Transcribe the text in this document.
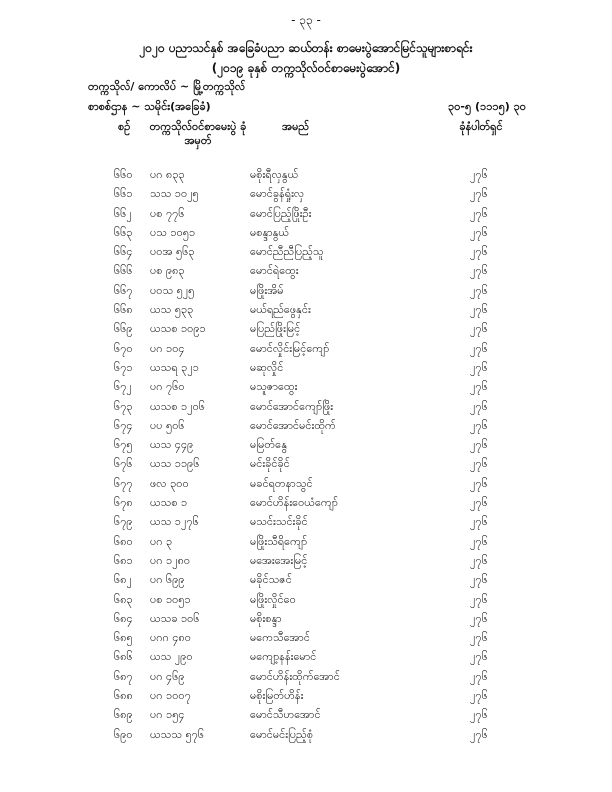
- ၃၃ -
၂၀၂၀ ပညာသင်နှစ် အခြေခံပညာ ဆယ်တန်း စာမေးပွဲအောင်မြင်သူများစာရင်း
(၂၀၁၉ ခုနှစ် တက္ကသိုလ်ဝင်စာမေးပွဲအောင်)
တက္ကသိုလ်/ ကောလိပ် ~ မြို့တက္ကသိုလ်
စာစစ်ဌာန ~ သမိုင်း(အခြေခံ)	၃၀-၅ (၁၁၁၅) ၃၀
စဉ် တက္ကသိုလ်ဝင်စာမေးပွဲ ခုံအမှတ်
အမည်	ခုံနံပါတ်ရှင်
၆၆၀ ပဂ ၈၃၃	မစိုးရီလှနွယ်	၂၇၆
၆၆၁ သသ ၁၀၂၅	မောင်ခွန်ရှုံးလှ	၂၇၆
၆၆၂ ပစ ၇၇၆	မောင်ပြည့်ဖြိုးဦး	၂၇၆
၆၆၃ ပသ ၁၀၅၁	မစန္ဒာနွယ်	၂၇၆
၆၆၄ ပဝအ ၅၆၃	မောင်ညီညီပြည့်သူ	၂၇၆
၆၆၆ ပစ ၉၈၃	မောင်ရဲထွေး	၂၇၆
၆၆၇ ပဝသ ၅၂၅	မဖြိုးအိမ်	၂၇၆
၆၆၈ ယသ ၅၃၃	မယ်ရည်ဖွေနှင်း	၂၇၆
၆၆၉ ယသစ ၁၀၉၁	မပြည်ဖြိုးမြင့်	၂၇၆
၆၇၀ ပဂ ၁၀၄	မောင်လှိုင်းမြင့်ကျော်	၂၇၆
၆၇၁ ယသရ ၃၂၁	မဆုလှိုင်	၂၇၆
၆၇၂ ပဂ ၇၆၀	မသူဇာထွေး	၂၇၆
၆၇၃ ယသစ ၁၂၀၆	မောင်အောင်ကျော်ဖြိုး	၂၇၆
၆၇၄ ပပ ၅၀၆	မောင်အောင်မင်းထိုက်	၂၇၆
၆၇၅ ယသ ၄၄၉	မမြတ်နွေ	၂၇၆
၆၇၆ ယသ ၁၁၉၆	မင်းခိုင်ခိုင်	၂၇၆
၆၇၇ ဖလ ၃၀၀	မခင်ရတနာသွင်	၂၇၆
၆၇၈ ယသစ ၁	မောင်ဟိန်းဝေယံကျော်	၂၇၆
၆၇၉ ယသ ၁၂၇၆	မသင်းသင်းခိုင်	၂၇၆
၆၈၀ ပဂ ၃	မဖြိုးသီရိကျော်	၂၇၆
၆၈၁ ပဂ ၁၂၈၀	မအေးအေးမြင့်	၂၇၆
၆၈၂ ပဂ ၆၉၉	မခိုင်သဇင်	၂၇၆
၆၈၃ ပစ ၁၀၅၁	မဖြိုးလှိုင်ဝေ	၂၇၆
၆၈၄ ယသခ ၁၀၆	မစိုးစန္ဒာ	၂၇၆
၆၈၅ ပဂဂ ၄၈၀	မကေသီအောင်	၂၇၆
၆၈၆ ယသ ၂၉၀	မကျော့နန်းမောင်	၂၇၆
၆၈၇ ပဂ ၄၆၉	မောင်ဟိန်းထိုက်အောင်	၂၇၆
၆၈၈ ပဂ ၁၀၀၇	မစိုးမြတ်ဟိန်း	၂၇၆
၆၈၉ ပဂ ၁၅၄	မောင်သီဟအောင်	၂၇၆
၆၉၀ ယသသ ၅၇၆	မောင်မင်းပြည့်စုံ	၂၇၆
